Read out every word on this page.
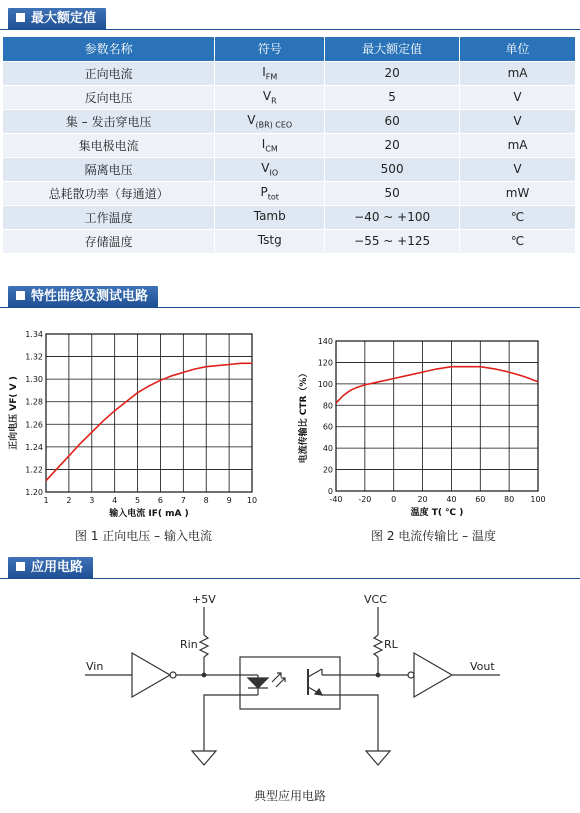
最大额定值
参数名称	符号	最大额定值	单位
正向电流	$I_{FM}$	20	mA
反向电压	$V_R$	5	V
集 – 发击穿电压	$V_{(BR) CEO}$	60	V
集电极电流	$I_{CM}$	20	mA
隔离电压	$V_{IO}$	500	V
总耗散功率（每通道）	$P_{tot}$	50	mW
工作温度	Tamb	−40 ~ +100	℃
存储温度	Tstg	−55 ~ +125	℃
特性曲线及测试电路
1 2 3 4 5 6 7 8 9 10
1.20
1.22
1.24
1.26
1.28
1.30
1.32
1.34
输入电流 IF( mA )
正向电压 VF( V )
图 1 正向电压 – 输入电流
-40 -20 0	20 40 60 80 100
0
20
40
60
80
100
120
140
温度 T( ℃ )
电流传输比 CTR（%）
图 2 电流传输比 – 温度
应用电路
Vin	Vout
+5V	VCC
Rin	RL
典型应用电路
